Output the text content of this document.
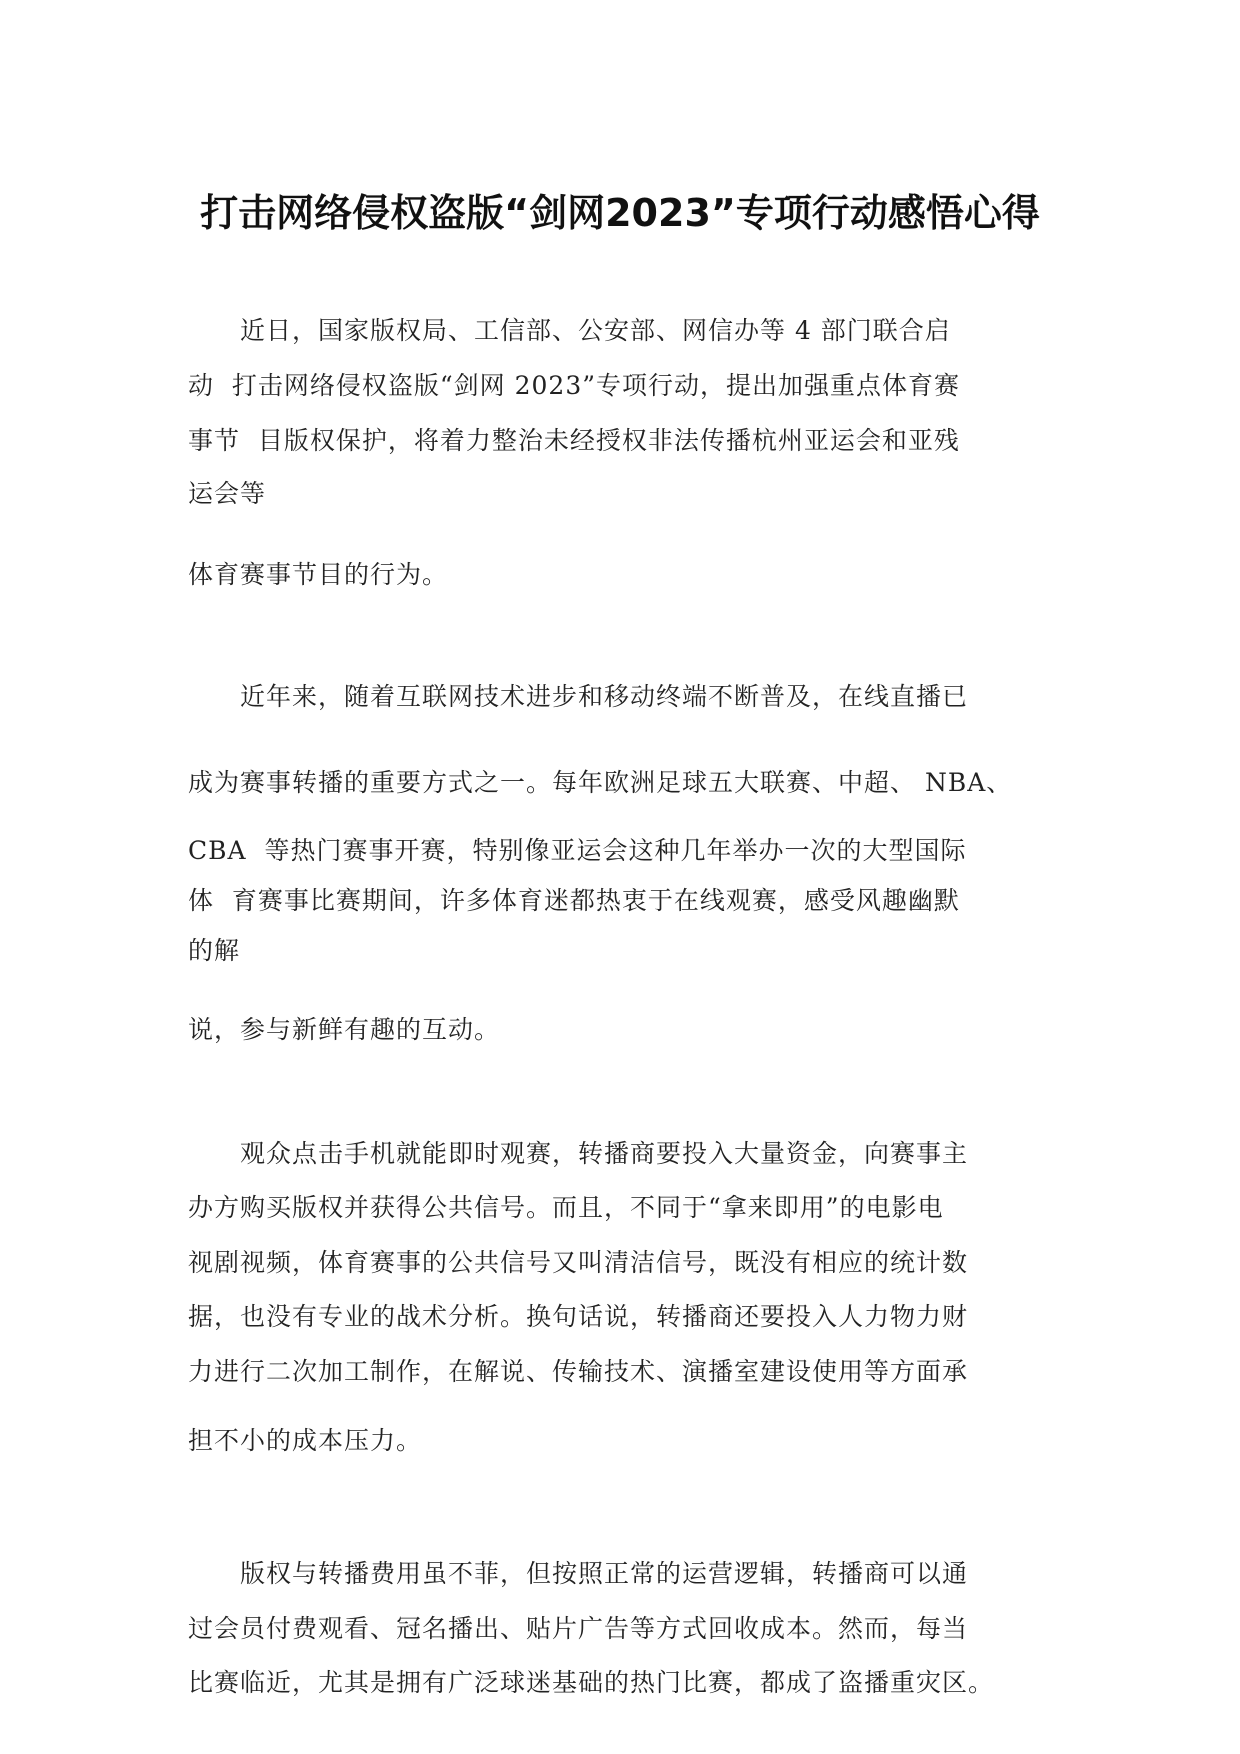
打击网络侵权盗版“剑网2023”专项行动感悟心得
近日，国家版权局、工信部、公安部、网信办等 4 部门联合启
动  打击网络侵权盗版“剑网 2023”专项行动，提出加强重点体育赛
事节  目版权保护，将着力整治未经授权非法传播杭州亚运会和亚残
运会等
体育赛事节目的行为。
近年来，随着互联网技术进步和移动终端不断普及，在线直播已
成为赛事转播的重要方式之一。每年欧洲足球五大联赛、中超、 NBA、
CBA  等热门赛事开赛，特别像亚运会这种几年举办一次的大型国际
体  育赛事比赛期间，许多体育迷都热衷于在线观赛，感受风趣幽默
的解
说，参与新鲜有趣的互动。
观众点击手机就能即时观赛，转播商要投入大量资金，向赛事主
办方购买版权并获得公共信号。而且，不同于“拿来即用”的电影电
视剧视频，体育赛事的公共信号又叫清洁信号，既没有相应的统计数
据，也没有专业的战术分析。换句话说，转播商还要投入人力物力财
力进行二次加工制作，在解说、传输技术、演播室建设使用等方面承
担不小的成本压力。
版权与转播费用虽不菲，但按照正常的运营逻辑，转播商可以通
过会员付费观看、冠名播出、贴片广告等方式回收成本。然而，每当
比赛临近，尤其是拥有广泛球迷基础的热门比赛，都成了盗播重灾区。
